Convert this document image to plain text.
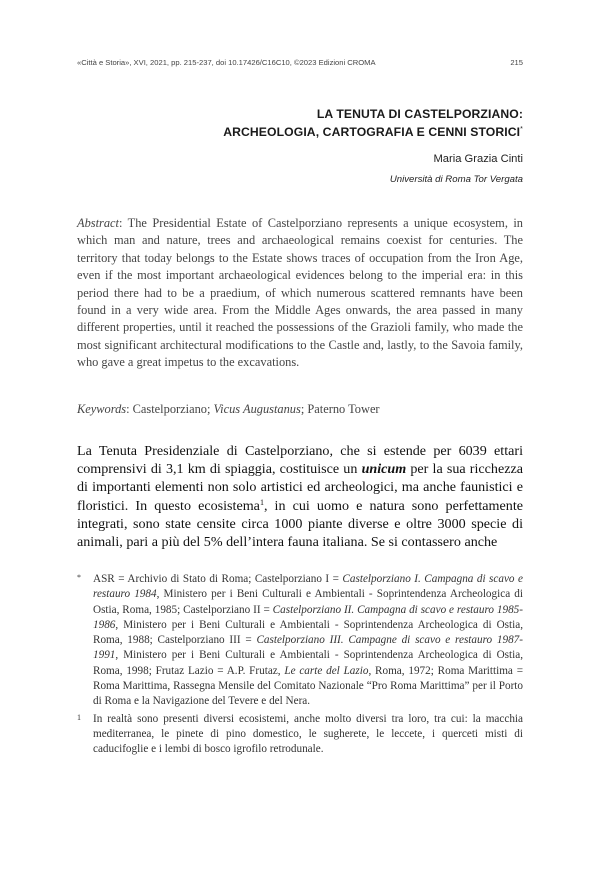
«Città e Storia», XVI, 2021, pp. 215-237, doi 10.17426/C16C10, ©2023 Edizioni CROMA	215
LA TENUTA DI CASTELPORZIANO:
ARCHEOLOGIA, CARTOGRAFIA E CENNI STORICI*
Maria Grazia Cinti
Università di Roma Tor Vergata

Abstract: The Presidential Estate of Castelporziano represents a unique ecosystem, in which man and nature, trees and archaeological remains coexist for centuries. The territory that today belongs to the Estate shows traces of occupation from the Iron Age, even if the most important archaeological evidences belong to the imperial era: in this period there had to be a praedium, of which numerous scattered remnants have been found in a very wide area. From the Middle Ages onwards, the area passed in many different properties, until it reached the possessions of the Grazioli family, who made the most significant architectural modifications to the Castle and, lastly, to the Savoia family, who gave a great impetus to the excavations.

Keywords: Castelporziano; Vicus Augustanus; Paterno Tower

La Tenuta Presidenziale di Castelporziano, che si estende per 6039 ettari comprensivi di 3,1 km di spiaggia, costituisce un unicum per la sua ricchezza di importanti elementi non solo artistici ed archeologici, ma anche faunistici e floristici. In questo ecosistema$^1$, in cui uomo e natura sono perfettamente integrati, sono state censite circa 1000 piante diverse e oltre 3000 specie di animali, pari a più del 5% dell’intera fauna italiana. Se si contassero anche

*	ASR = Archivio di Stato di Roma; Castelporziano I = Castelporziano I. Campagna di scavo e restauro 1984, Ministero per i Beni Culturali e Ambientali - Soprintendenza Archeologica di Ostia, Roma, 1985; Castelporziano II = Castelporziano II. Campagna di scavo e restauro 1985-1986, Ministero per i Beni Culturali e Ambientali - Soprintendenza Archeologica di Ostia, Roma, 1988; Castelporziano III = Castelporziano III. Campagne di scavo e restauro 1987-1991, Ministero per i Beni Culturali e Ambientali - Soprintendenza Archeologica di Ostia, Roma, 1998; Frutaz Lazio = A.P. Frutaz, Le carte del Lazio, Roma, 1972; Roma Marittima = Roma Marittima, Rassegna Mensile del Comitato Nazionale “Pro Roma Marittima” per il Porto di Roma e la Navigazione del Tevere e del Nera.

1	In realtà sono presenti diversi ecosistemi, anche molto diversi tra loro, tra cui: la macchia mediterranea, le pinete di pino domestico, le sugherete, le leccete, i querceti misti di caducifoglie e i lembi di bosco igrofilo retrodunale.
